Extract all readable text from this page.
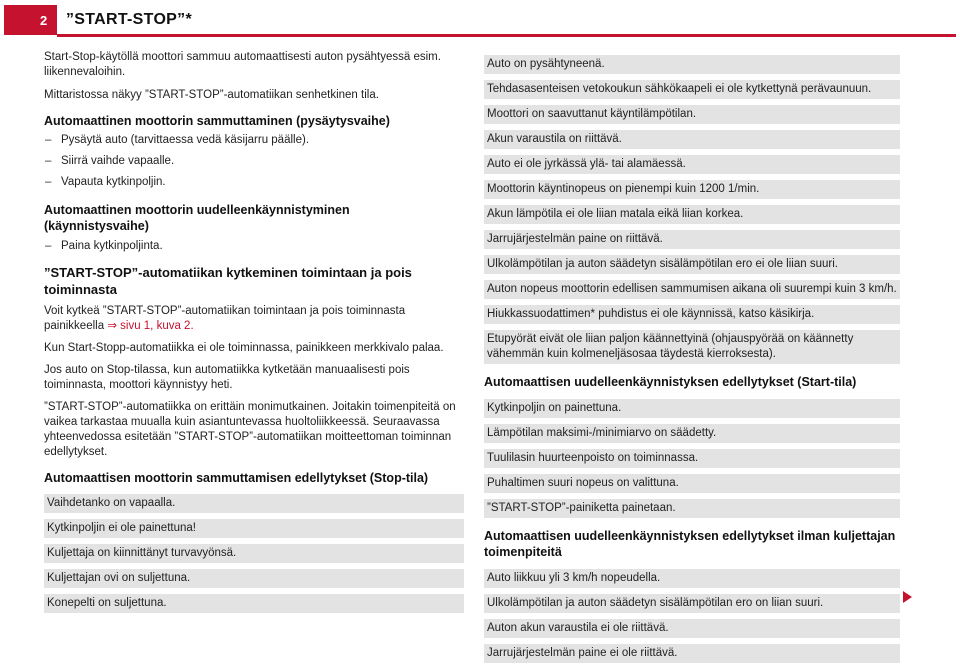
2 ”START-STOP”*

Start-Stop-käytöllä moottori sammuu automaattisesti auton pysähtyessä esim. liikennevaloihin.

Mittaristossa näkyy ”START-STOP”-automatiikan senhetkinen tila.

Automaattinen moottorin sammuttaminen (pysäytysvaihe)

– Pysäytä auto (tarvittaessa vedä käsijarru päälle).
– Siirrä vaihde vapaalle.
– Vapauta kytkinpoljin.

Automaattinen moottorin uudelleenkäynnistyminen
(käynnistysvaihe)

– Paina kytkinpoljinta.

”START-STOP”-automatiikan kytkeminen toimintaan ja pois
toiminnasta

Voit kytkeä ”START-STOP”-automatiikan toimintaan ja pois toiminnasta painikkeella ⇒ sivu 1, kuva 2.

Kun Start-Stopp-automatiikka ei ole toiminnassa, painikkeen merkkivalo palaa.

Jos auto on Stop-tilassa, kun automatiikka kytketään manuaalisesti pois toiminnasta, moottori käynnistyy heti.

”START-STOP”-automatiikka on erittäin monimutkainen. Joitakin toimenpiteitä on vaikea tarkastaa muualla kuin asiantuntevassa huoltoliikkeessä. Seuraavassa yhteenvedossa esitetään ”START-STOP”-automatiikan moitteettoman toiminnan edellytykset.

Automaattisen moottorin sammuttamisen edellytykset (Stop-tila)

Vaihdetanko on vapaalla.
Kytkinpoljin ei ole painettuna!
Kuljettaja on kiinnittänyt turvavyönsä.
Kuljettajan ovi on suljettuna.
Konepelti on suljettuna.
Auto on pysähtyneenä.
Tehdasasenteisen vetokoukun sähkökaapeli ei ole kytkettynä perävaunuun.
Moottori on saavuttanut käyntilämpötilan.
Akun varaustila on riittävä.
Auto ei ole jyrkässä ylä- tai alamäessä.
Moottorin käyntinopeus on pienempi kuin 1200 1/min.
Akun lämpötila ei ole liian matala eikä liian korkea.
Jarrujärjestelmän paine on riittävä.
Ulkolämpötilan ja auton säädetyn sisälämpötilan ero ei ole liian suuri.
Auton nopeus moottorin edellisen sammumisen aikana oli suurempi kuin 3 km/h.
Hiukkassuodattimen* puhdistus ei ole käynnissä, katso käsikirja.
Etupyörät eivät ole liian paljon käännettyinä (ohjauspyörää on käännetty vähemmän kuin kolmeneljäsosaa täydestä kierroksesta).

Automaattisen uudelleenkäynnistyksen edellytykset (Start-tila)

Kytkinpoljin on painettuna.
Lämpötilan maksimi-/minimiarvo on säädetty.
Tuulilasin huurteenpoisto on toiminnassa.
Puhaltimen suuri nopeus on valittuna.
”START-STOP”-painiketta painetaan.

Automaattisen uudelleenkäynnistyksen edellytykset ilman kuljettajan
toimenpiteitä

Auto liikkuu yli 3 km/h nopeudella.
Ulkolämpötilan ja auton säädetyn sisälämpötilan ero on liian suuri.
Auton akun varaustila ei ole riittävä.
Jarrujärjestelmän paine ei ole riittävä.
